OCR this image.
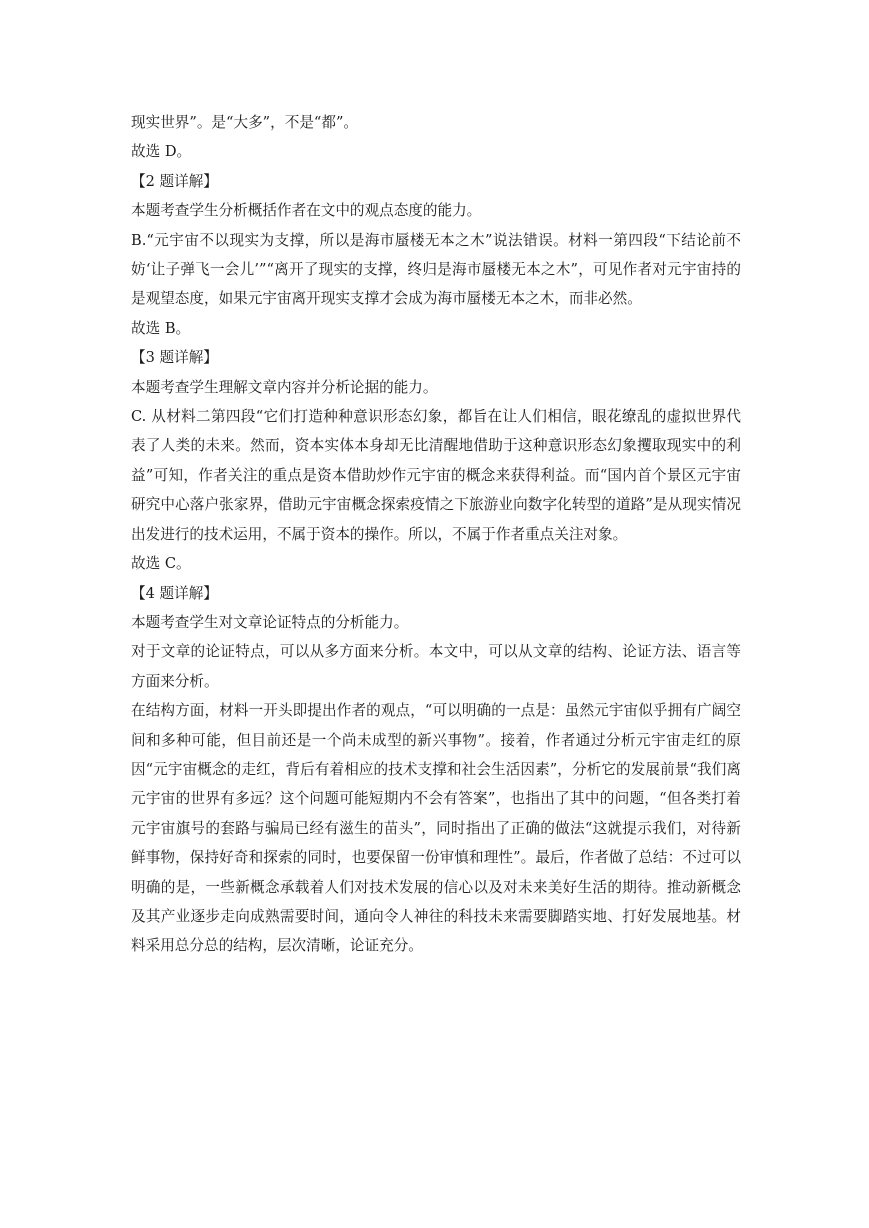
现实世界”。是“大多”，不是“都”。

故选 D。

【2 题详解】

本题考查学生分析概括作者在文中的观点态度的能力。

B.“元宇宙不以现实为支撑，所以是海市蜃楼无本之木”说法错误。材料一第四段“下结论前不妨‘让子弹飞一会儿’”“离开了现实的支撑，终归是海市蜃楼无本之木”，可见作者对元宇宙持的是观望态度，如果元宇宙离开现实支撑才会成为海市蜃楼无本之木，而非必然。

故选 B。

【3 题详解】

本题考查学生理解文章内容并分析论据的能力。

C. 从材料二第四段“它们打造种种意识形态幻象，都旨在让人们相信，眼花缭乱的虚拟世界代表了人类的未来。然而，资本实体本身却无比清醒地借助于这种意识形态幻象攫取现实中的利益”可知，作者关注的重点是资本借助炒作元宇宙的概念来获得利益。而“国内首个景区元宇宙研究中心落户张家界，借助元宇宙概念探索疫情之下旅游业向数字化转型的道路”是从现实情况出发进行的技术运用，不属于资本的操作。所以，不属于作者重点关注对象。

故选 C。

【4 题详解】

本题考查学生对文章论证特点的分析能力。

对于文章的论证特点，可以从多方面来分析。本文中，可以从文章的结构、论证方法、语言等方面来分析。

在结构方面，材料一开头即提出作者的观点，“可以明确的一点是：虽然元宇宙似乎拥有广阔空间和多种可能，但目前还是一个尚未成型的新兴事物”。接着，作者通过分析元宇宙走红的原因“元宇宙概念的走红，背后有着相应的技术支撑和社会生活因素”，分析它的发展前景“我们离元宇宙的世界有多远？这个问题可能短期内不会有答案”，也指出了其中的问题，“但各类打着元宇宙旗号的套路与骗局已经有滋生的苗头”，同时指出了正确的做法“这就提示我们，对待新鲜事物，保持好奇和探索的同时，也要保留一份审慎和理性”。最后，作者做了总结：不过可以明确的是，一些新概念承载着人们对技术发展的信心以及对未来美好生活的期待。推动新概念及其产业逐步走向成熟需要时间，通向令人神往的科技未来需要脚踏实地、打好发展地基。材料采用总分总的结构，层次清晰，论证充分。
